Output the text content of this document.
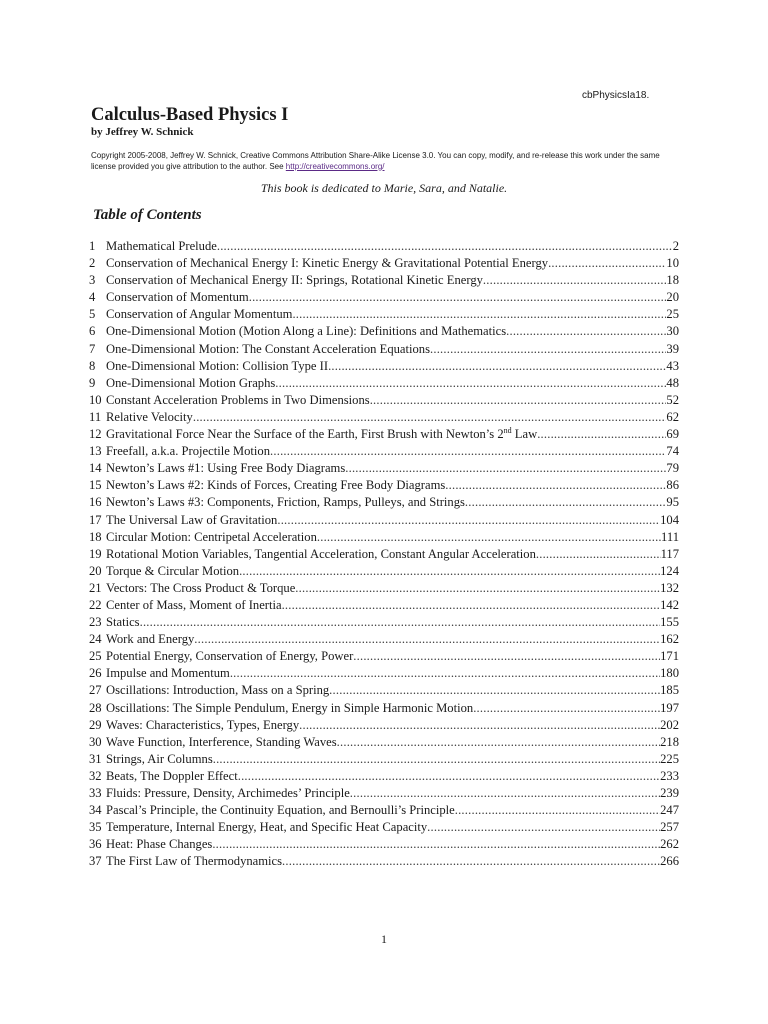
cbPhysicsIa18.
Calculus-Based Physics I
by Jeffrey W. Schnick
Copyright 2005-2008, Jeffrey W. Schnick, Creative Commons Attribution Share-Alike License 3.0. You can copy, modify, and re-release this work under the same license provided you give attribution to the author. See http://creativecommons.org/
This book is dedicated to Marie, Sara, and Natalie.
Table of Contents
1 Mathematical Prelude .....	2
2 Conservation of Mechanical Energy I: Kinetic Energy & Gravitational Potential Energy .....	10
3 Conservation of Mechanical Energy II: Springs, Rotational Kinetic Energy .....	18
4 Conservation of Momentum .....	20
5 Conservation of Angular Momentum .....	25
6 One-Dimensional Motion (Motion Along a Line): Definitions and Mathematics .....	30
7 One-Dimensional Motion: The Constant Acceleration Equations .....	39
8 One-Dimensional Motion: Collision Type II .....	43
9 One-Dimensional Motion Graphs .....	48
10 Constant Acceleration Problems in Two Dimensions .....	52
11 Relative Velocity .....	62
12 Gravitational Force Near the Surface of the Earth, First Brush with Newton’s 2nd Law .....	69
13 Freefall, a.k.a. Projectile Motion .....	74
14 Newton’s Laws #1: Using Free Body Diagrams .....	79
15 Newton’s Laws #2: Kinds of Forces, Creating Free Body Diagrams .....	86
16 Newton’s Laws #3: Components, Friction, Ramps, Pulleys, and Strings .....	95
17 The Universal Law of Gravitation .....	104
18 Circular Motion: Centripetal Acceleration .....	111
19 Rotational Motion Variables, Tangential Acceleration, Constant Angular Acceleration .....	117
20 Torque & Circular Motion .....	124
21 Vectors: The Cross Product & Torque .....	132
22 Center of Mass, Moment of Inertia .....	142
23 Statics .....	155
24 Work and Energy .....	162
25 Potential Energy, Conservation of Energy, Power .....	171
26 Impulse and Momentum .....	180
27 Oscillations: Introduction, Mass on a Spring .....	185
28 Oscillations: The Simple Pendulum, Energy in Simple Harmonic Motion .....	197
29 Waves: Characteristics, Types, Energy .....	202
30 Wave Function, Interference, Standing Waves .....	218
31 Strings, Air Columns .....	225
32 Beats, The Doppler Effect .....	233
33 Fluids: Pressure, Density, Archimedes’ Principle .....	239
34 Pascal’s Principle, the Continuity Equation, and Bernoulli’s Principle .....	247
35 Temperature, Internal Energy, Heat, and Specific Heat Capacity .....	257
36 Heat: Phase Changes .....	262
37 The First Law of Thermodynamics .....	266
1
